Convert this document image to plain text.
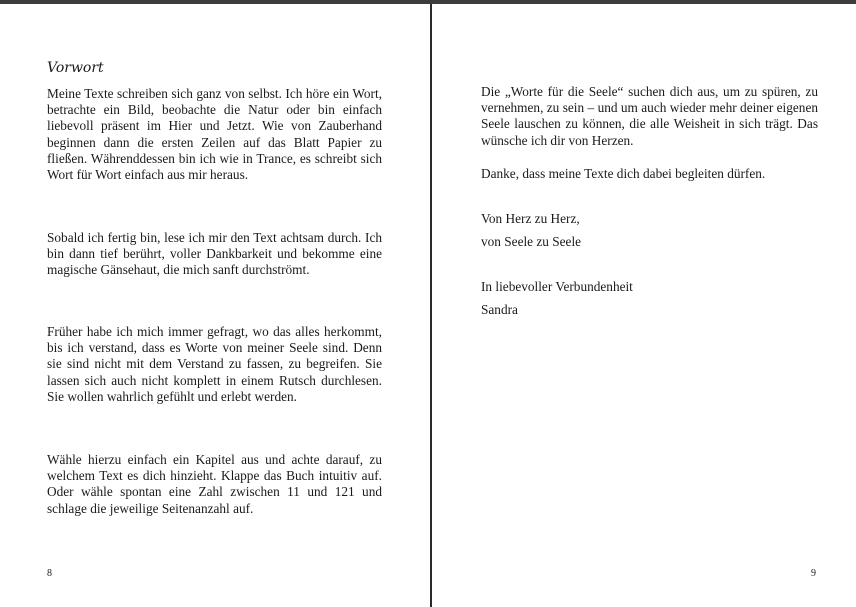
Vorwort

Meine Texte schreiben sich ganz von selbst. Ich höre ein Wort, betrachte ein Bild, beobachte die Natur oder bin einfach liebevoll präsent im Hier und Jetzt. Wie von Zauberhand beginnen dann die ersten Zeilen auf das Blatt Papier zu fließen. Währenddessen bin ich wie in Trance, es schreibt sich Wort für Wort einfach aus mir heraus.

Sobald ich fertig bin, lese ich mir den Text achtsam durch. Ich bin dann tief berührt, voller Dankbarkeit und bekomme eine magische Gänsehaut, die mich sanft durchströmt.

Früher habe ich mich immer gefragt, wo das alles herkommt, bis ich verstand, dass es Worte von meiner Seele sind. Denn sie sind nicht mit dem Verstand zu fassen, zu begreifen. Sie lassen sich auch nicht komplett in einem Rutsch durchlesen. Sie wollen wahrlich gefühlt und erlebt werden.

Wähle hierzu einfach ein Kapitel aus und achte darauf, zu welchem Text es dich hinzieht. Klappe das Buch intuitiv auf. Oder wähle spontan eine Zahl zwischen 11 und 121 und schlage die jeweilige Seitenanzahl auf.

8

Die „Worte für die Seele“ suchen dich aus, um zu spüren, zu vernehmen, zu sein – und um auch wieder mehr deiner eigenen Seele lauschen zu können, die alle Weisheit in sich trägt. Das wünsche ich dir von Herzen.

Danke, dass meine Texte dich dabei begleiten dürfen.

Von Herz zu Herz,

von Seele zu Seele

In liebevoller Verbundenheit

Sandra

9
